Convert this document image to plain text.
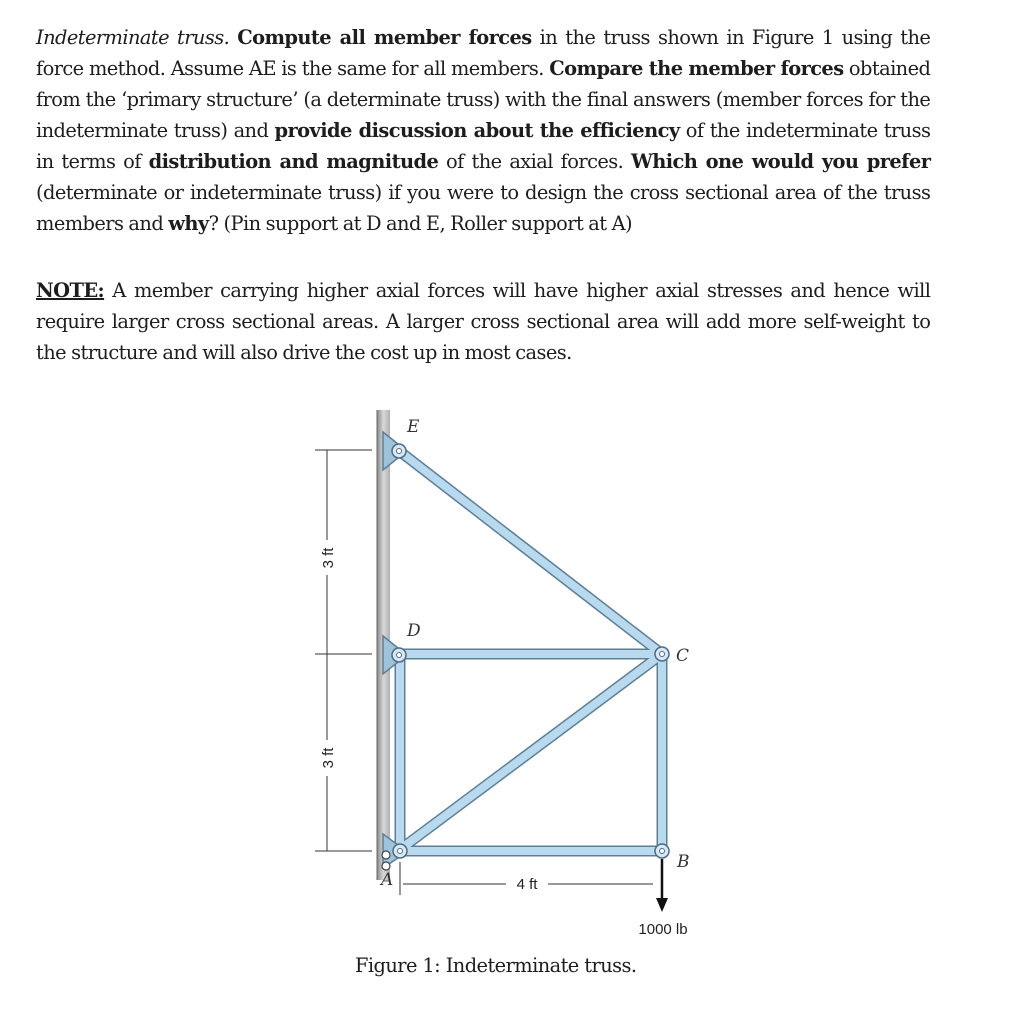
Indeterminate truss. Compute all member forces in the truss shown in Figure 1 using the force method. Assume AE is the same for all members. Compare the member forces obtained from the ‘primary structure’ (a determinate truss) with the final answers (member forces for the indeterminate truss) and provide discussion about the efficiency of the indeterminate truss in terms of distribution and magnitude of the axial forces. Which one would you prefer (determinate or indeterminate truss) if you were to design the cross sectional area of the truss members and why? (Pin support at D and E, Roller support at A)
NOTE: A member carrying higher axial forces will have higher axial stresses and hence will require larger cross sectional areas. A larger cross sectional area will add more self-weight to the structure and will also drive the cost up in most cases.
E
D
C
B
A
3 ft
3 ft
4 ft
1000 lb
Figure 1: Indeterminate truss.
